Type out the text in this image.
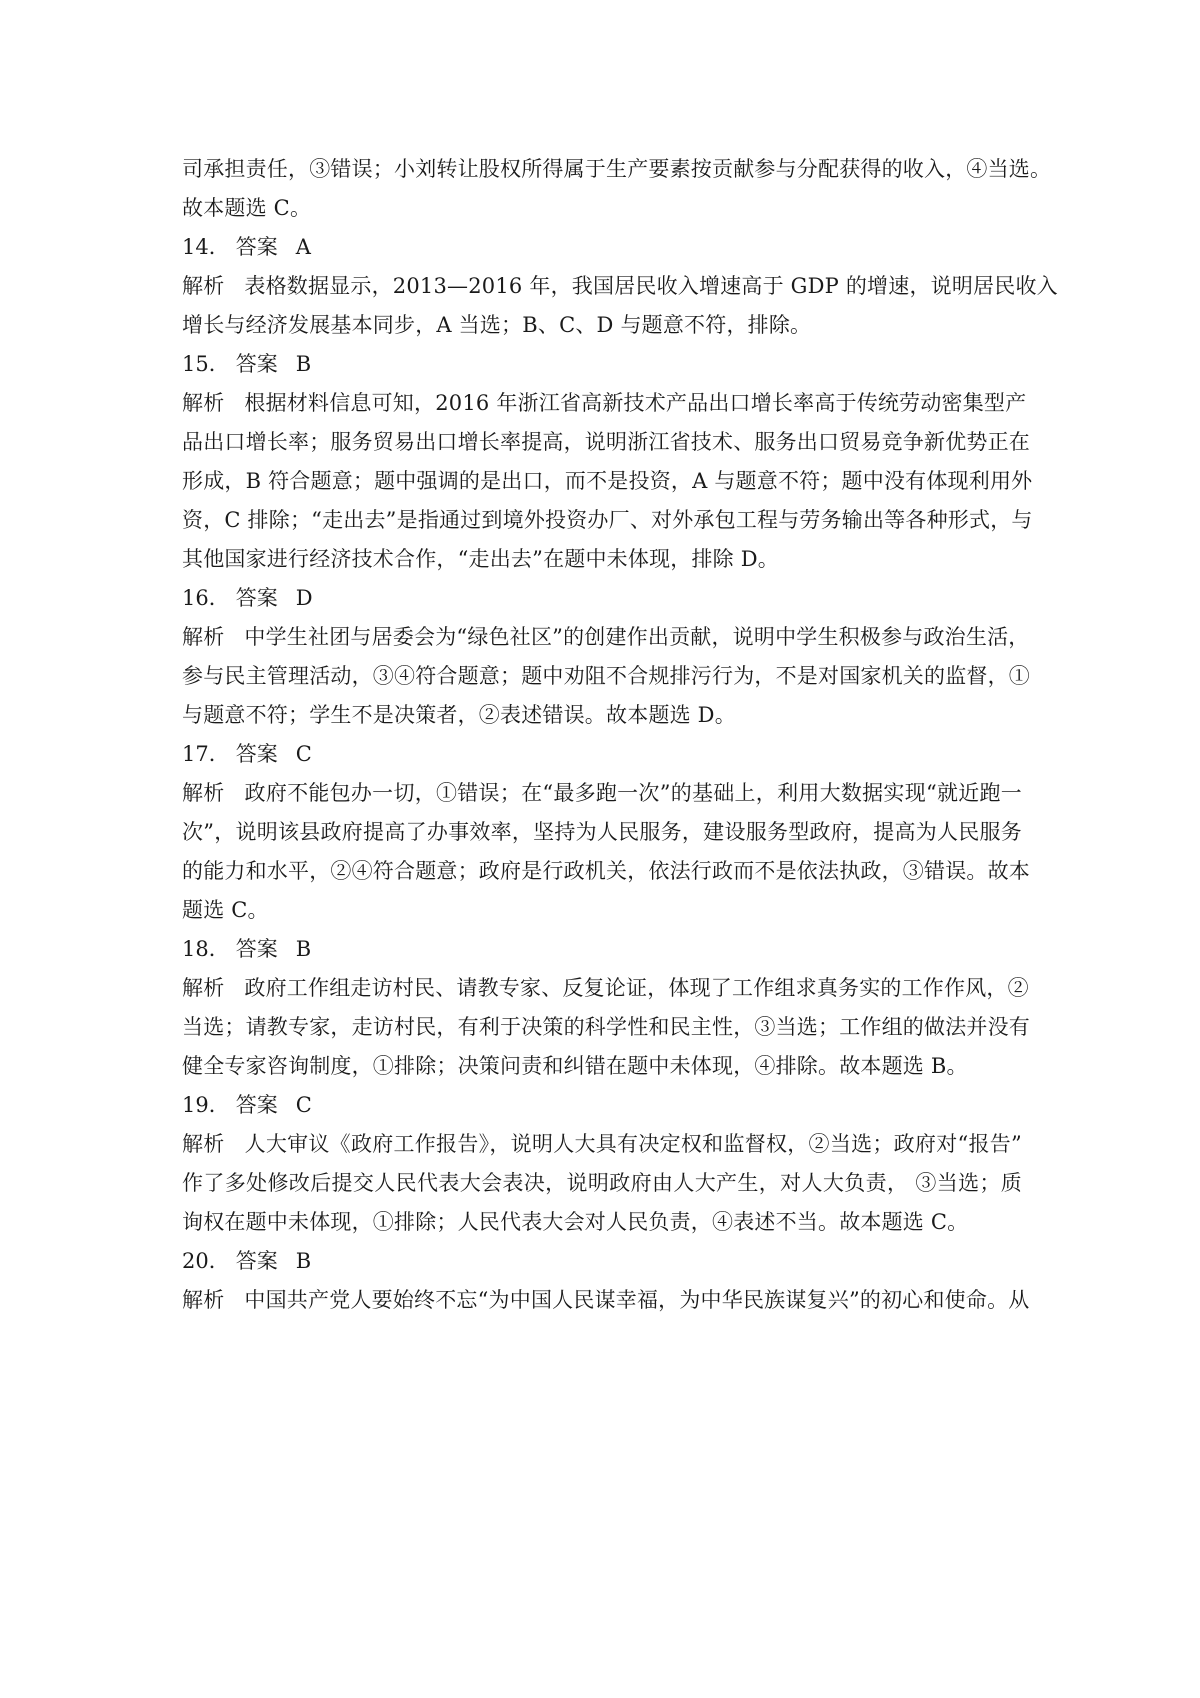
司承担责任，③错误；小刘转让股权所得属于生产要素按贡献参与分配获得的收入，④当选。
故本题选 C。
14． 答案 A
解析 表格数据显示，2013—2016 年，我国居民收入增速高于 GDP 的增速，说明居民收入
增长与经济发展基本同步，A 当选；B、C、D 与题意不符，排除。
15． 答案 B
解析 根据材料信息可知，2016 年浙江省高新技术产品出口增长率高于传统劳动密集型产
品出口增长率；服务贸易出口增长率提高，说明浙江省技术、服务出口贸易竞争新优势正在
形成，B 符合题意；题中强调的是出口，而不是投资，A 与题意不符；题中没有体现利用外
资，C 排除；“走出去”是指通过到境外投资办厂、对外承包工程与劳务输出等各种形式，与
其他国家进行经济技术合作，“走出去”在题中未体现，排除 D。
16． 答案 D
解析 中学生社团与居委会为“绿色社区”的创建作出贡献，说明中学生积极参与政治生活，
参与民主管理活动，③④符合题意；题中劝阻不合规排污行为，不是对国家机关的监督，①
与题意不符；学生不是决策者，②表述错误。故本题选 D。
17． 答案 C
解析 政府不能包办一切，①错误；在“最多跑一次”的基础上，利用大数据实现“就近跑一
次”，说明该县政府提高了办事效率，坚持为人民服务，建设服务型政府，提高为人民服务
的能力和水平，②④符合题意；政府是行政机关，依法行政而不是依法执政，③错误。故本
题选 C。
18． 答案 B
解析 政府工作组走访村民、请教专家、反复论证，体现了工作组求真务实的工作作风，②
当选；请教专家，走访村民，有利于决策的科学性和民主性，③当选；工作组的做法并没有
健全专家咨询制度，①排除；决策问责和纠错在题中未体现，④排除。故本题选 B。
19． 答案 C
解析 人大审议《政府工作报告》，说明人大具有决定权和监督权，②当选；政府对“报告”
作了多处修改后提交人民代表大会表决，说明政府由人大产生，对人大负责， ③当选；质
询权在题中未体现，①排除；人民代表大会对人民负责，④表述不当。故本题选 C。
20． 答案 B
解析 中国共产党人要始终不忘“为中国人民谋幸福，为中华民族谋复兴”的初心和使命。从
